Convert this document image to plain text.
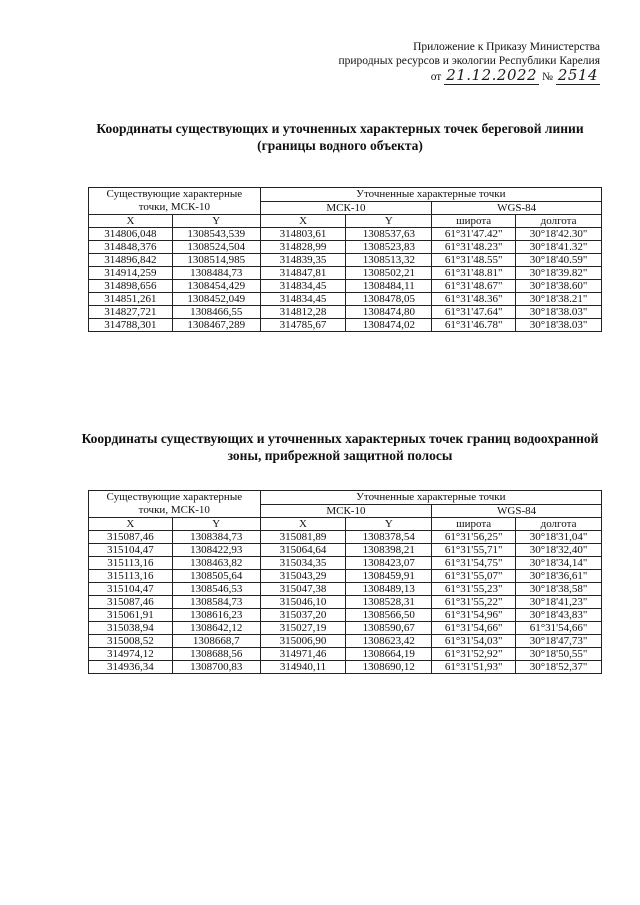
Приложение к Приказу Министерства
природных ресурсов и экологии Республики Карелия
от 21.12.2022 № 2514
Координаты существующих и уточненных характерных точек береговой линии (границы водного объекта)
Существующие характерные точки, МСК-10		Уточненные характерные точки			
		МСК-10		WGS-84	
X	Y	X	Y	широта	долгота
314806,048	1308543,539	314803,61	1308537,63	61°31'47.42"	30°18'42.30"
314848,376	1308524,504	314828,99	1308523,83	61°31'48.23"	30°18'41.32"
314896,842	1308514,985	314839,35	1308513,32	61°31'48.55"	30°18'40.59"
314914,259	1308484,73	314847,81	1308502,21	61°31'48.81"	30°18'39.82"
314898,656	1308454,429	314834,45	1308484,11	61°31'48.67"	30°18'38.60"
314851,261	1308452,049	314834,45	1308478,05	61°31'48.36"	30°18'38.21"
314827,721	1308466,55	314812,28	1308474,80	61°31'47.64"	30°18'38.03"
314788,301	1308467,289	314785,67	1308474,02	61°31'46.78"	30°18'38.03"
Координаты существующих и уточненных характерных точек границ водоохранной зоны, прибрежной защитной полосы
Существующие характерные точки, МСК-10		Уточненные характерные точки			
		МСК-10		WGS-84	
X	Y	X	Y	широта	долгота
315087,46	1308384,73	315081,89	1308378,54	61°31'56,25"	30°18'31,04"
315104,47	1308422,93	315064,64	1308398,21	61°31'55,71"	30°18'32,40"
315113,16	1308463,82	315034,35	1308423,07	61°31'54,75"	30°18'34,14"
315113,16	1308505,64	315043,29	1308459,91	61°31'55,07"	30°18'36,61"
315104,47	1308546,53	315047,38	1308489,13	61°31'55,23"	30°18'38,58"
315087,46	1308584,73	315046,10	1308528,31	61°31'55,22"	30°18'41,23"
315061,91	1308616,23	315037,20	1308566,50	61°31'54,96"	30°18'43,83"
315038,94	1308642,12	315027,19	1308590,67	61°31'54,66"	61°31'54,66"
315008,52	1308668,7	315006,90	1308623,42	61°31'54,03"	30°18'47,73"
314974,12	1308688,56	314971,46	1308664,19	61°31'52,92"	30°18'50,55"
314936,34	1308700,83	314940,11	1308690,12	61°31'51,93"	30°18'52,37"
